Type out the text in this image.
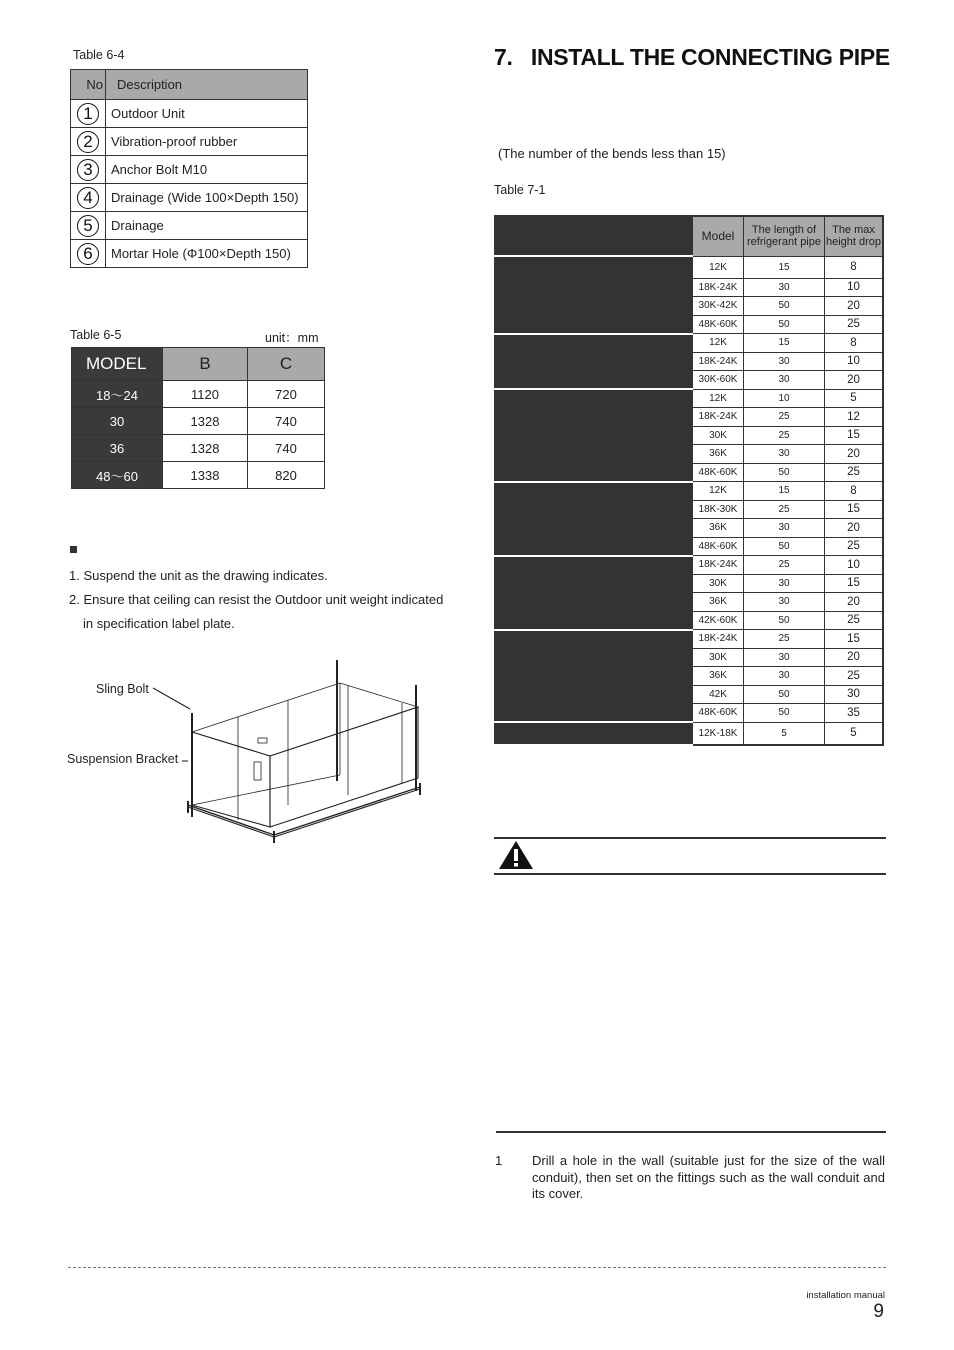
Table 6-4
No	Description
1	Outdoor Unit
2	Vibration-proof rubber
3	Anchor Bolt M10
4	Drainage (Wide 100×Depth 150)
5	Drainage
6	Mortar Hole (Φ100×Depth 150)
Table 6-5	unit：mm
MODEL	B	C
18～24	1120	720
30	1328	740
36	1328	740
48～60	1338	820
1. Suspend the unit as the drawing indicates.
2. Ensure that ceiling can resist the Outdoor unit weight indicated
in specification label plate.
Sling Bolt
Suspension Bracket
7.   INSTALL THE CONNECTING PIPE
(The number of the bends less than 15)
Table 7-1
	Model	The length of refrigerant pipe	The max height drop
	12K	15	8
	18K-24K	30	10
	30K-42K	50	20
	48K-60K	50	25
	12K	15	8
	18K-24K	30	10
	30K-60K	30	20
	12K	10	5
	18K-24K	25	12
	30K	25	15
	36K	30	20
	48K-60K	50	25
	12K	15	8
	18K-30K	25	15
	36K	30	20
	48K-60K	50	25
	18K-24K	25	10
	30K	30	15
	36K	30	20
	42K-60K	50	25
	18K-24K	25	15
	30K	30	20
	36K	30	25
	42K	50	30
	48K-60K	50	35
	12K-18K	5	5
1 Drill a hole in the wall (suitable just for the size of the wall conduit), then set on the fittings such as the wall conduit and its cover.
installation manual
9
